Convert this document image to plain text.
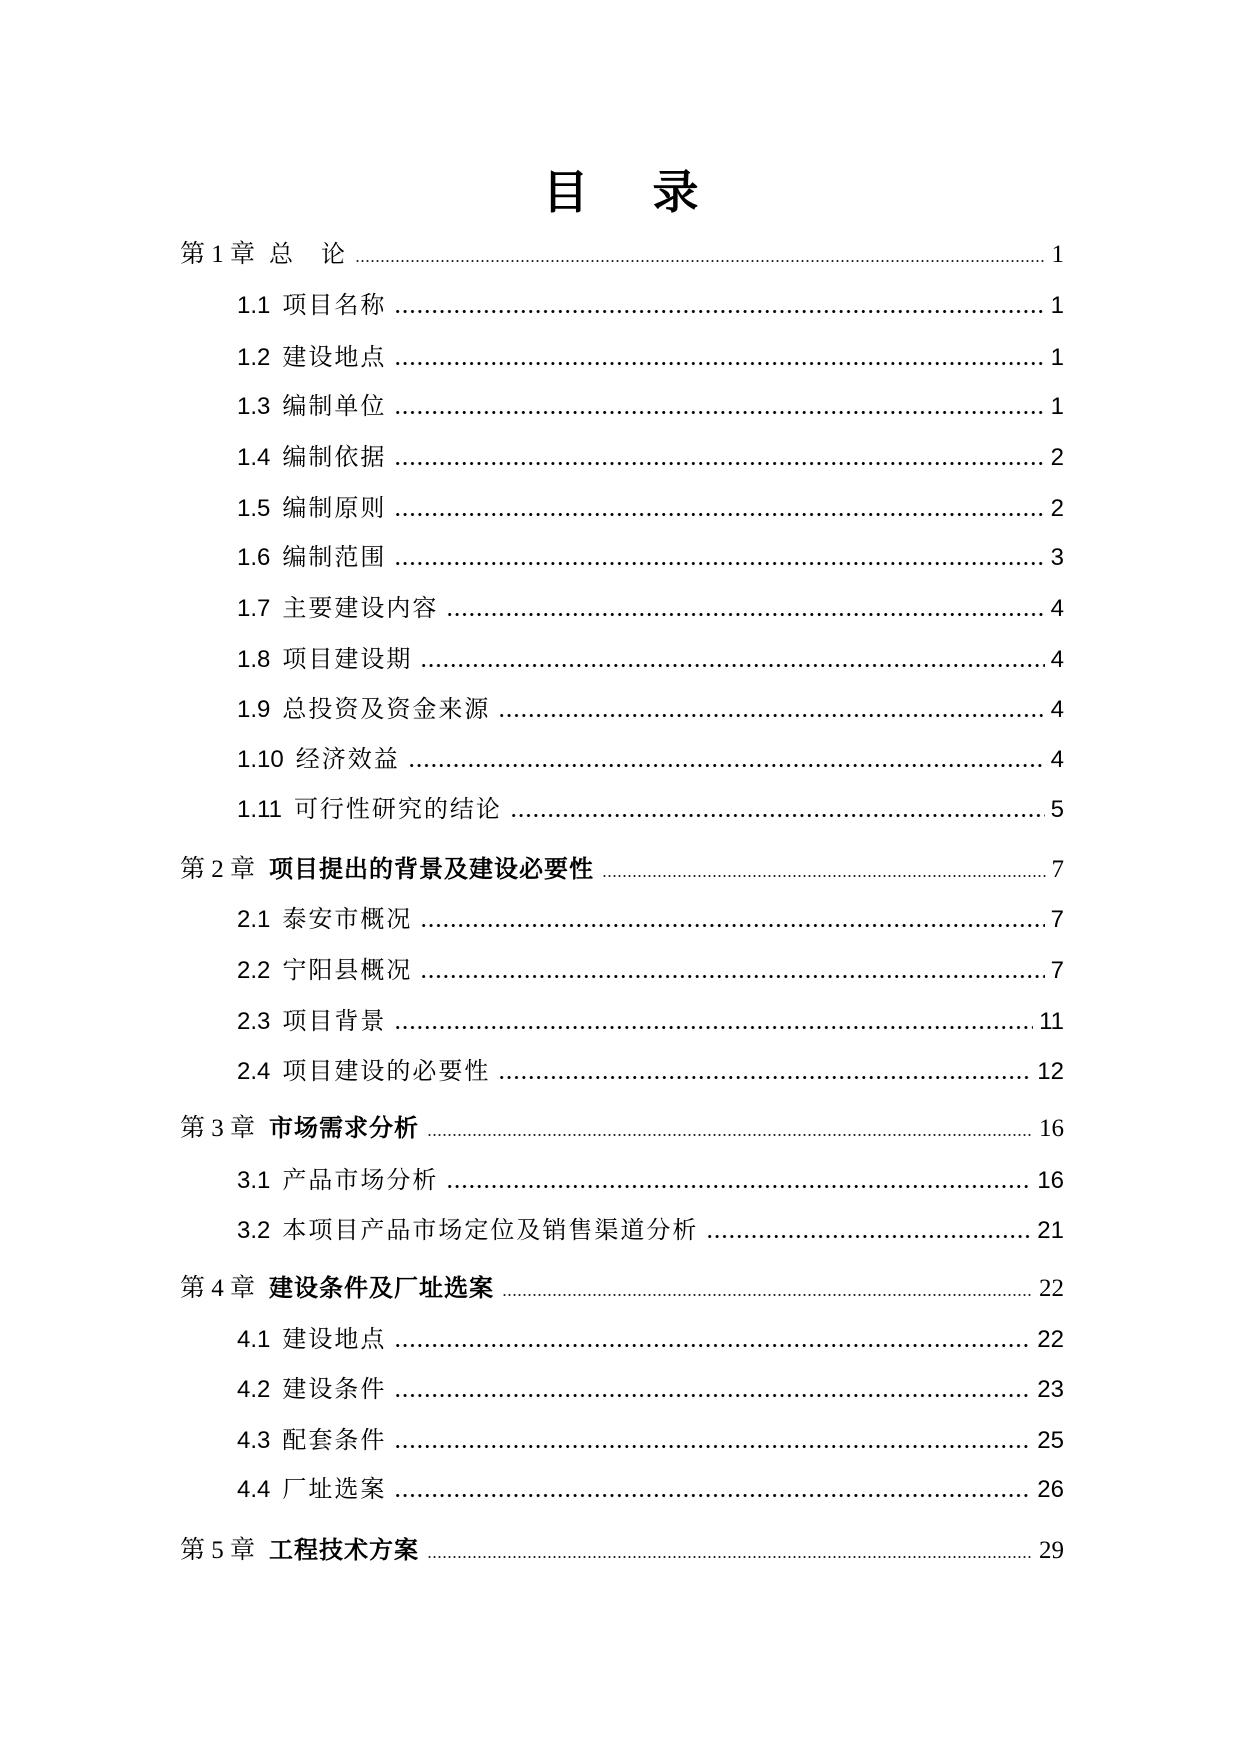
目 录
第 1 章 总　论	1
1.1 项目名称	1
1.2 建设地点	1
1.3 编制单位	1
1.4 编制依据	2
1.5 编制原则	2
1.6 编制范围	3
1.7 主要建设内容	4
1.8 项目建设期	4
1.9 总投资及资金来源	4
1.10 经济效益	4
1.11 可行性研究的结论	5
第 2 章 项目提出的背景及建设必要性	7
2.1 泰安市概况	7
2.2 宁阳县概况	7
2.3 项目背景	11
2.4 项目建设的必要性	12
第 3 章 市场需求分析	16
3.1 产品市场分析	16
3.2 本项目产品市场定位及销售渠道分析	21
第 4 章 建设条件及厂址选案	22
4.1 建设地点	22
4.2 建设条件	23
4.3 配套条件	25
4.4 厂址选案	26
第 5 章 工程技术方案	29
